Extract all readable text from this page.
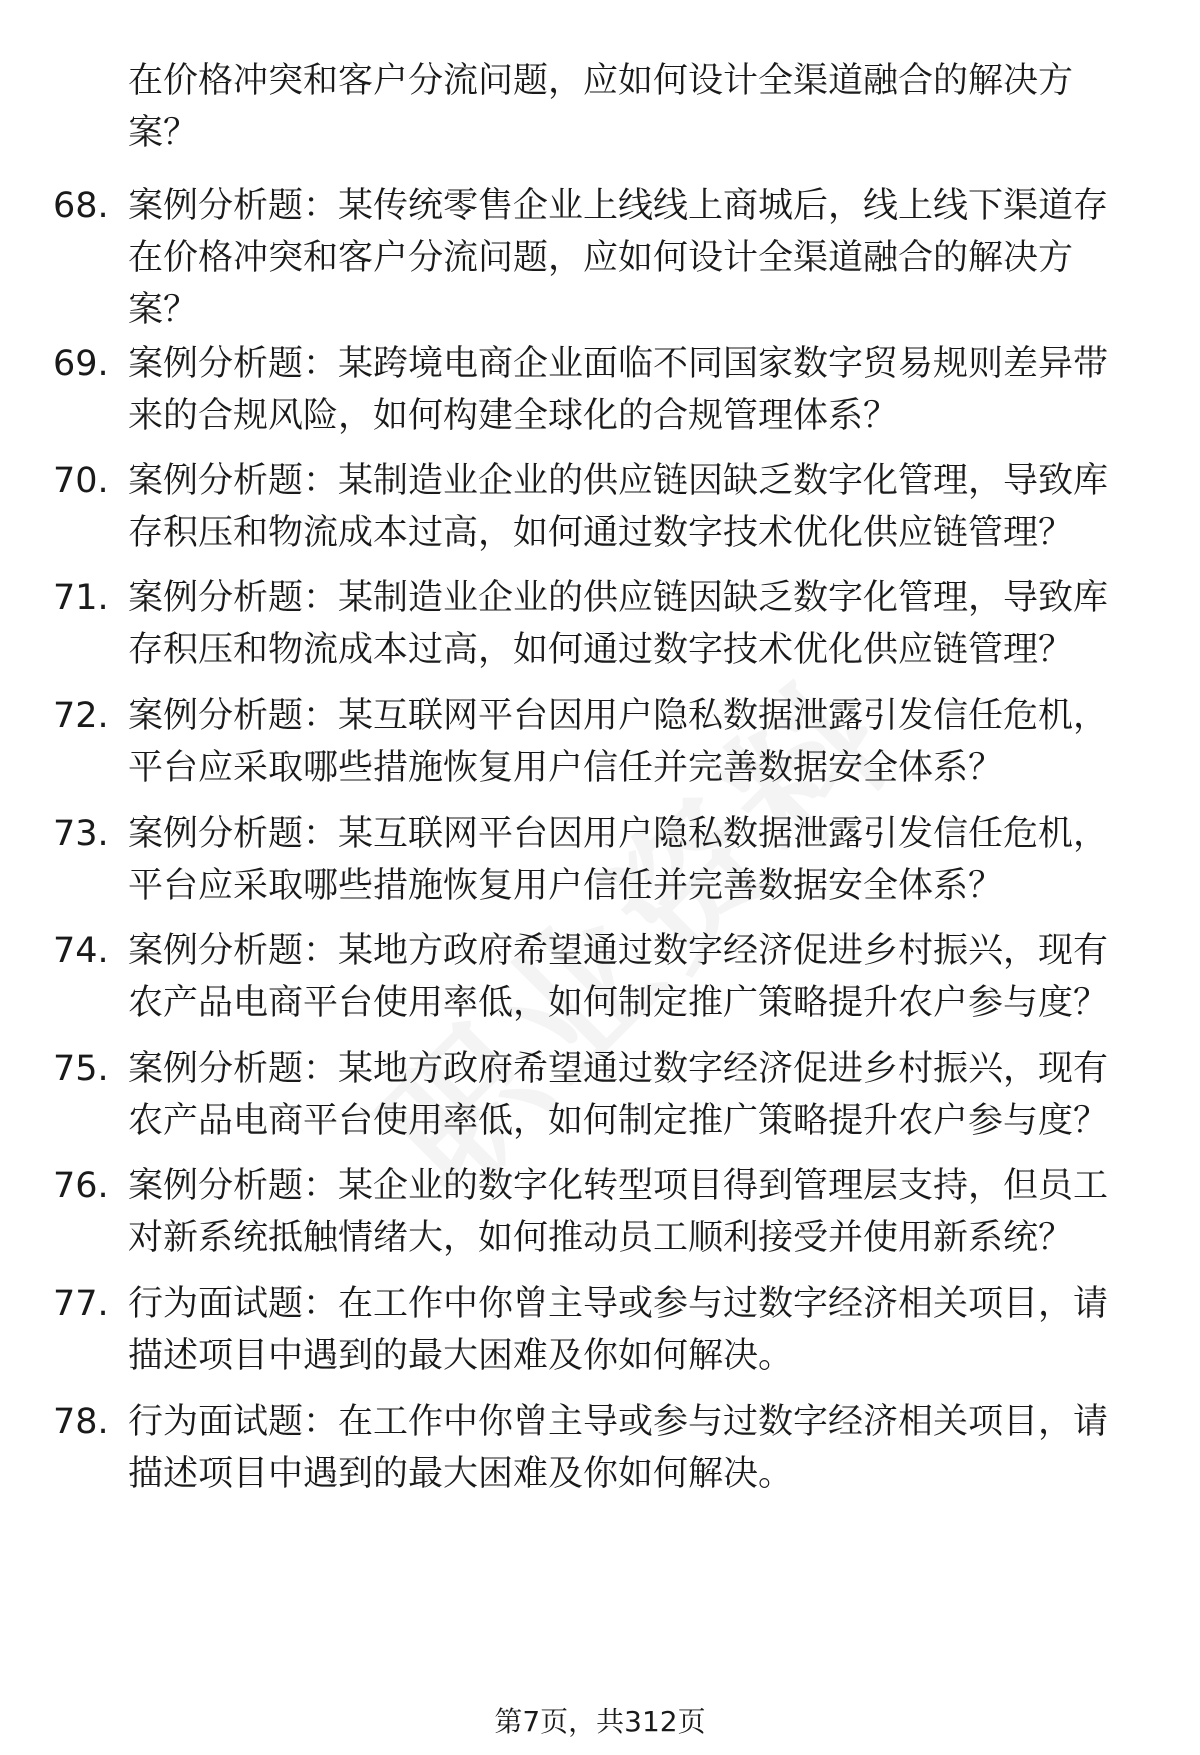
在价格冲突和客户分流问题，应如何设计全渠道融合的解决方案？
68. 案例分析题：某传统零售企业上线线上商城后，线上线下渠道存在价格冲突和客户分流问题，应如何设计全渠道融合的解决方案？
69. 案例分析题：某跨境电商企业面临不同国家数字贸易规则差异带来的合规风险，如何构建全球化的合规管理体系？
70. 案例分析题：某制造业企业的供应链因缺乏数字化管理，导致库存积压和物流成本过高，如何通过数字技术优化供应链管理？
71. 案例分析题：某制造业企业的供应链因缺乏数字化管理，导致库存积压和物流成本过高，如何通过数字技术优化供应链管理？
72. 案例分析题：某互联网平台因用户隐私数据泄露引发信任危机，平台应采取哪些措施恢复用户信任并完善数据安全体系？
73. 案例分析题：某互联网平台因用户隐私数据泄露引发信任危机，平台应采取哪些措施恢复用户信任并完善数据安全体系？
74. 案例分析题：某地方政府希望通过数字经济促进乡村振兴，现有农产品电商平台使用率低，如何制定推广策略提升农户参与度？
75. 案例分析题：某地方政府希望通过数字经济促进乡村振兴，现有农产品电商平台使用率低，如何制定推广策略提升农户参与度？
76. 案例分析题：某企业的数字化转型项目得到管理层支持，但员工对新系统抵触情绪大，如何推动员工顺利接受并使用新系统？
77. 行为面试题：在工作中你曾主导或参与过数字经济相关项目，请描述项目中遇到的最大困难及你如何解决。
78. 行为面试题：在工作中你曾主导或参与过数字经济相关项目，请描述项目中遇到的最大困难及你如何解决。
第7页，共312页
